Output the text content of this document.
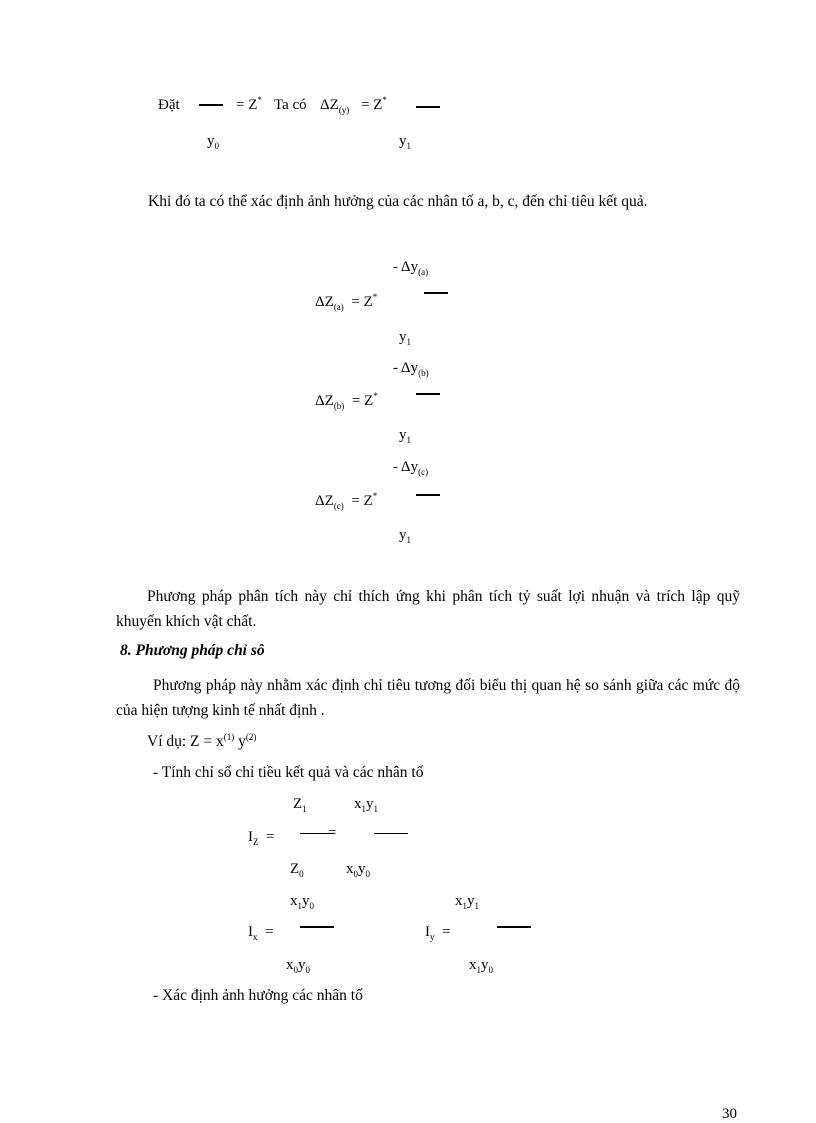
Đặt	= Z* Ta có $\Delta Z_{(y)} = Z^*$
$y_0$	$y_1$
Khi đó ta có thể xác định ảnh hưởng của các nhân tố a, b, c, đến chỉ tiêu kết quả.
- $\Delta y_{(a)}$
$\Delta Z_{(a)} = Z^*$
$y_1$
- $\Delta y_{(b)}$
$\Delta Z_{(b)} = Z^*$
$y_1$
- $\Delta y_{(c)}$
$\Delta Z_{(c)} = Z^*$
$y_1$
Phương pháp phân tích này chỉ thích ứng khi phân tích tỷ suất lợi nhuận và trích lập quỹ khuyến khích vật chất.
8. Phương pháp chỉ sô
Phương pháp này nhằm xác định chỉ tiêu tương đối biểu thị quan hệ so sánh giữa các mức độ của hiện tượng kinh tế nhất định .
Ví dụ: $Z = x^{(1)}$ $y^{(2)}$
- Tính chỉ số chỉ tiều kết quả và các nhân tố
$Z_1$	$x_1y_1$
$I_Z$ =	=
$Z_0$	$x_0y_0$
$x_1y_0$	$x_1y_1$
$I_x$ =	$I_y$ =
$x_0y_0$	$x_1y_0$
- Xác định ảnh hưởng các nhân tố
30
